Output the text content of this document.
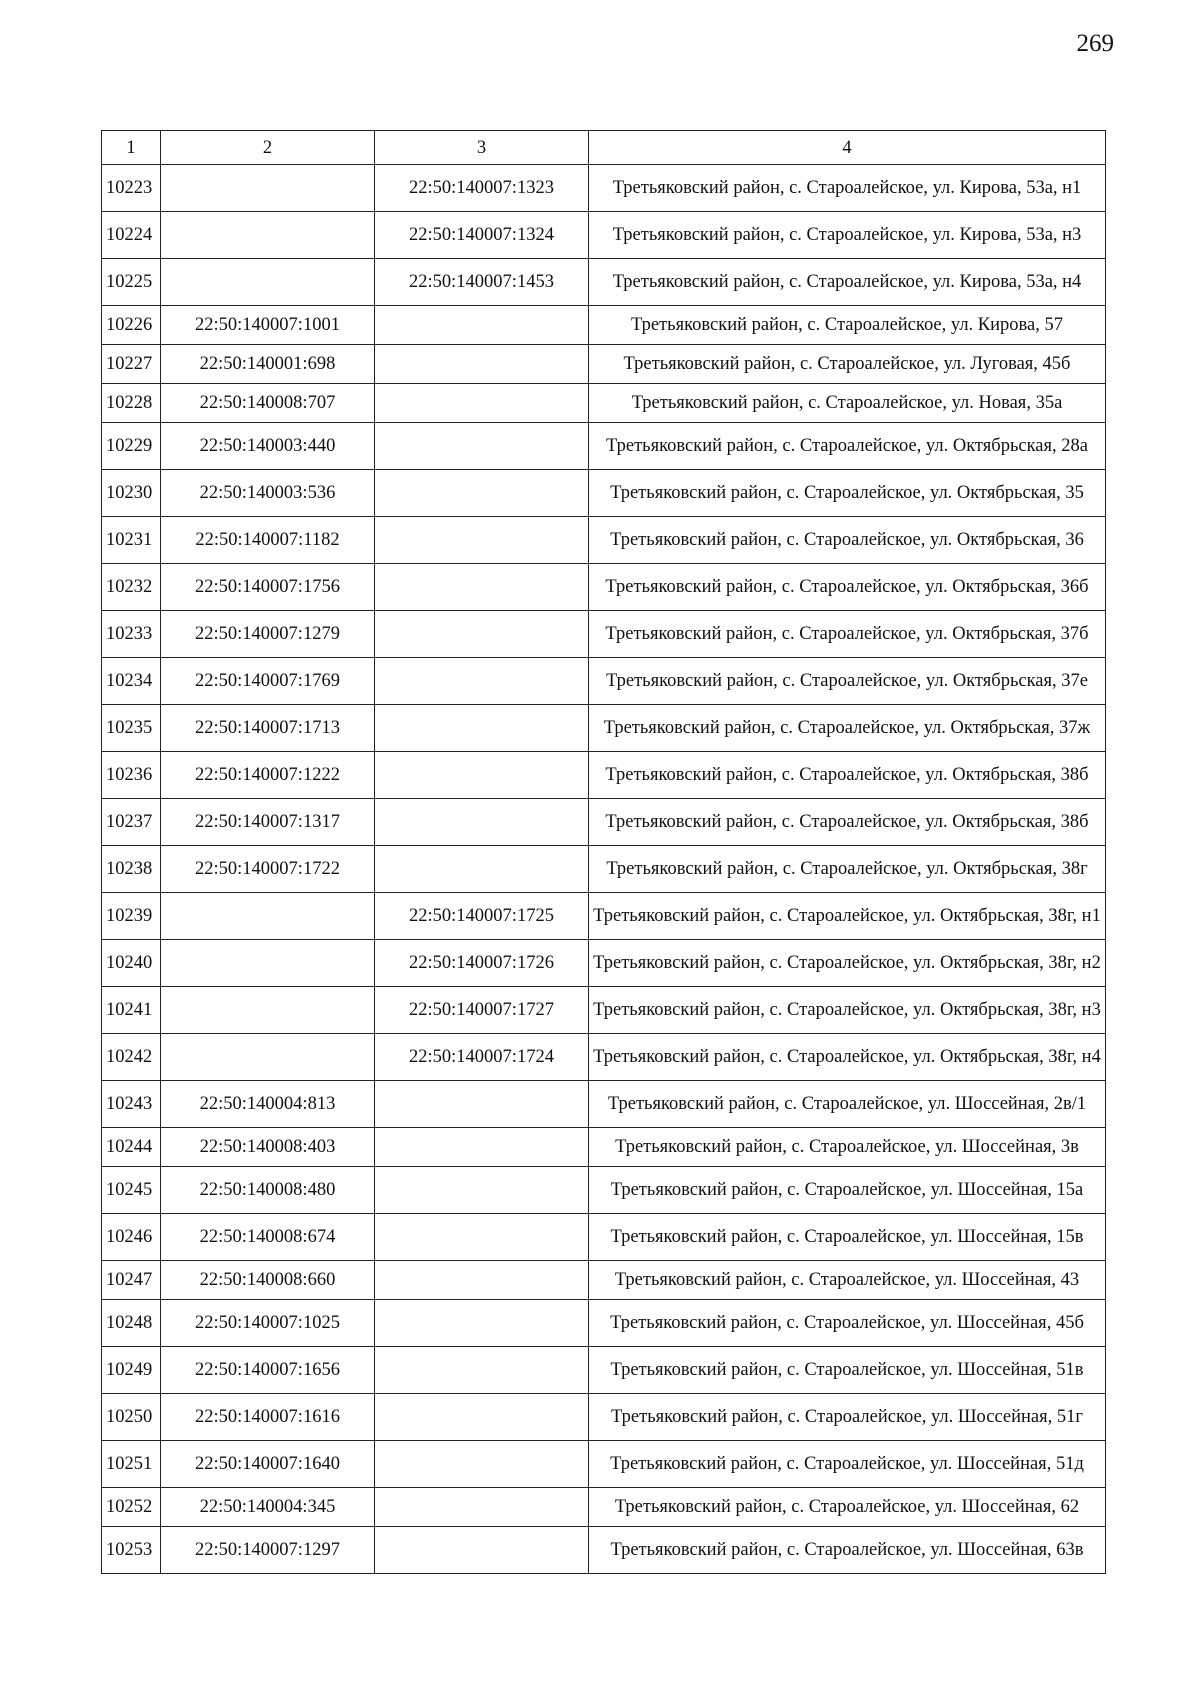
269
1	2	3	4
10223		22:50:140007:1323	Третьяковский район, с. Староалейское, ул. Кирова, 53а, н1
10224		22:50:140007:1324	Третьяковский район, с. Староалейское, ул. Кирова, 53а, н3
10225		22:50:140007:1453	Третьяковский район, с. Староалейское, ул. Кирова, 53а, н4
10226	22:50:140007:1001		Третьяковский район, с. Староалейское, ул. Кирова, 57
10227	22:50:140001:698		Третьяковский район, с. Староалейское, ул. Луговая, 45б
10228	22:50:140008:707		Третьяковский район, с. Староалейское, ул. Новая, 35а
10229	22:50:140003:440		Третьяковский район, с. Староалейское, ул. Октябрьская, 28а
10230	22:50:140003:536		Третьяковский район, с. Староалейское, ул. Октябрьская, 35
10231	22:50:140007:1182		Третьяковский район, с. Староалейское, ул. Октябрьская, 36
10232	22:50:140007:1756		Третьяковский район, с. Староалейское, ул. Октябрьская, 36б
10233	22:50:140007:1279		Третьяковский район, с. Староалейское, ул. Октябрьская, 37б
10234	22:50:140007:1769		Третьяковский район, с. Староалейское, ул. Октябрьская, 37е
10235	22:50:140007:1713		Третьяковский район, с. Староалейское, ул. Октябрьская, 37ж
10236	22:50:140007:1222		Третьяковский район, с. Староалейское, ул. Октябрьская, 38б
10237	22:50:140007:1317		Третьяковский район, с. Староалейское, ул. Октябрьская, 38б
10238	22:50:140007:1722		Третьяковский район, с. Староалейское, ул. Октябрьская, 38г
10239		22:50:140007:1725	Третьяковский район, с. Староалейское, ул. Октябрьская, 38г, н1
10240		22:50:140007:1726	Третьяковский район, с. Староалейское, ул. Октябрьская, 38г, н2
10241		22:50:140007:1727	Третьяковский район, с. Староалейское, ул. Октябрьская, 38г, н3
10242		22:50:140007:1724	Третьяковский район, с. Староалейское, ул. Октябрьская, 38г, н4
10243	22:50:140004:813		Третьяковский район, с. Староалейское, ул. Шоссейная, 2в/1
10244	22:50:140008:403		Третьяковский район, с. Староалейское, ул. Шоссейная, 3в
10245	22:50:140008:480		Третьяковский район, с. Староалейское, ул. Шоссейная, 15а
10246	22:50:140008:674		Третьяковский район, с. Староалейское, ул. Шоссейная, 15в
10247	22:50:140008:660		Третьяковский район, с. Староалейское, ул. Шоссейная, 43
10248	22:50:140007:1025		Третьяковский район, с. Староалейское, ул. Шоссейная, 45б
10249	22:50:140007:1656		Третьяковский район, с. Староалейское, ул. Шоссейная, 51в
10250	22:50:140007:1616		Третьяковский район, с. Староалейское, ул. Шоссейная, 51г
10251	22:50:140007:1640		Третьяковский район, с. Староалейское, ул. Шоссейная, 51д
10252	22:50:140004:345		Третьяковский район, с. Староалейское, ул. Шоссейная, 62
10253	22:50:140007:1297		Третьяковский район, с. Староалейское, ул. Шоссейная, 63в
